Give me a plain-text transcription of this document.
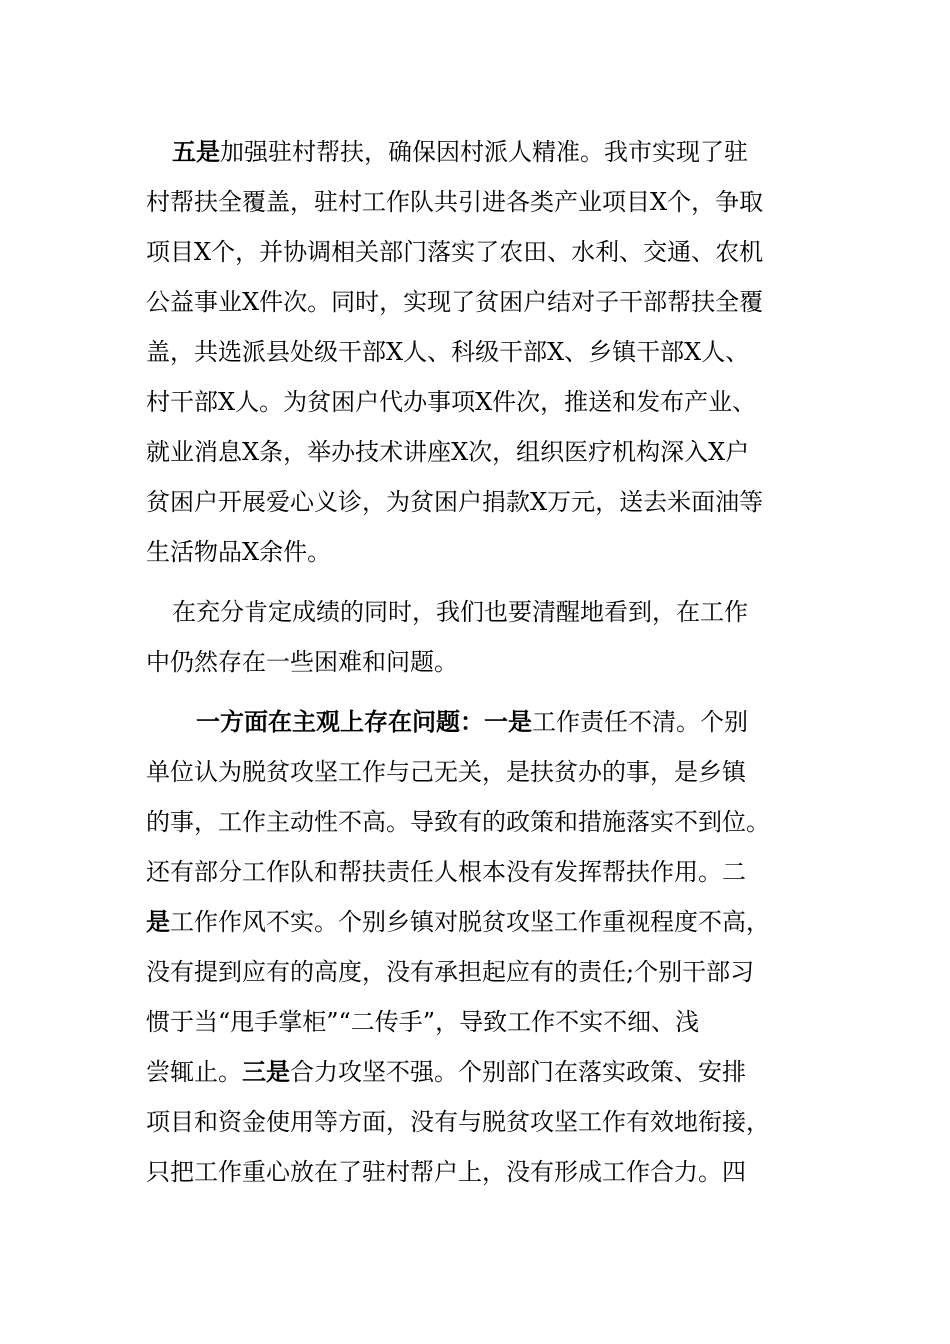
五是加强驻村帮扶，确保因村派人精准。我市实现了驻
村帮扶全覆盖，驻村工作队共引进各类产业项目X个，争取
项目X个，并协调相关部门落实了农田、水利、交通、农机
公益事业X件次。同时，实现了贫困户结对子干部帮扶全覆
盖，共选派县处级干部X人、科级干部X、乡镇干部X人、
村干部X人。为贫困户代办事项X件次，推送和发布产业、
就业消息X条，举办技术讲座X次，组织医疗机构深入X户
贫困户开展爱心义诊，为贫困户捐款X万元，送去米面油等
生活物品X余件。
在充分肯定成绩的同时，我们也要清醒地看到，在工作
中仍然存在一些困难和问题。
一方面在主观上存在问题：一是工作责任不清。个别
单位认为脱贫攻坚工作与己无关，是扶贫办的事，是乡镇
的事，工作主动性不高。导致有的政策和措施落实不到位。
还有部分工作队和帮扶责任人根本没有发挥帮扶作用。二
是工作作风不实。个别乡镇对脱贫攻坚工作重视程度不高，
没有提到应有的高度，没有承担起应有的责任;个别干部习
惯于当“甩手掌柜”“二传手”，导致工作不实不细、浅
尝辄止。三是合力攻坚不强。个别部门在落实政策、安排
项目和资金使用等方面，没有与脱贫攻坚工作有效地衔接，
只把工作重心放在了驻村帮户上，没有形成工作合力。四
